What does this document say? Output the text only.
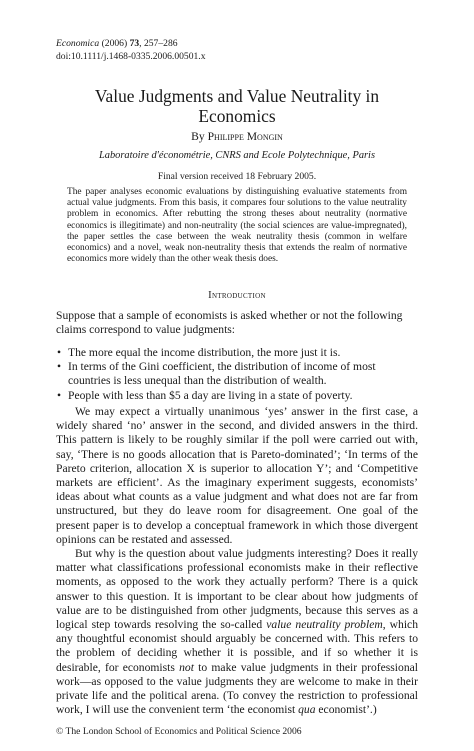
Economica (2006) 73, 257–286
doi:10.1111/j.1468-0335.2006.00501.x
Value Judgments and Value Neutrality in
Economics
By Philippe Mongin
Laboratoire d'économétrie, CNRS and Ecole Polytechnique, Paris
Final version received 18 February 2005.
The paper analyses economic evaluations by distinguishing evaluative statements from actual value judgments. From this basis, it compares four solutions to the value neutrality problem in economics. After rebutting the strong theses about neutrality (normative economics is illegitimate) and non-neutrality (the social sciences are value-impregnated), the paper settles the case between the weak neutrality thesis (common in welfare economics) and a novel, weak non-neutrality thesis that extends the realm of normative economics more widely than the other weak thesis does.
Introduction
Suppose that a sample of economists is asked whether or not the following claims correspond to value judgments:
• The more equal the income distribution, the more just it is.
• In terms of the Gini coefficient, the distribution of income of most countries is less unequal than the distribution of wealth.
• People with less than $5 a day are living in a state of poverty.

We may expect a virtually unanimous ‘yes’ answer in the first case, a widely shared ‘no’ answer in the second, and divided answers in the third. This pattern is likely to be roughly similar if the poll were carried out with, say, ‘There is no goods allocation that is Pareto-dominated’; ‘In terms of the Pareto criterion, allocation X is superior to allocation Y’; and ‘Competitive markets are efficient’. As the imaginary experiment suggests, economists’ ideas about what counts as a value judgment and what does not are far from unstructured, but they do leave room for disagreement. One goal of the present paper is to develop a conceptual framework in which those divergent opinions can be restated and assessed.

But why is the question about value judgments interesting? Does it really matter what classifications professional economists make in their reflective moments, as opposed to the work they actually perform? There is a quick answer to this question. It is important to be clear about how judgments of value are to be distinguished from other judgments, because this serves as a logical step towards resolving the so-called value neutrality problem, which any thoughtful economist should arguably be concerned with. This refers to the problem of deciding whether it is possible, and if so whether it is desirable, for economists not to make value judgments in their professional work—as opposed to the value judgments they are welcome to make in their private life and the political arena. (To convey the restriction to professional work, I will use the convenient term ‘the economist qua economist’.)

© The London School of Economics and Political Science 2006
